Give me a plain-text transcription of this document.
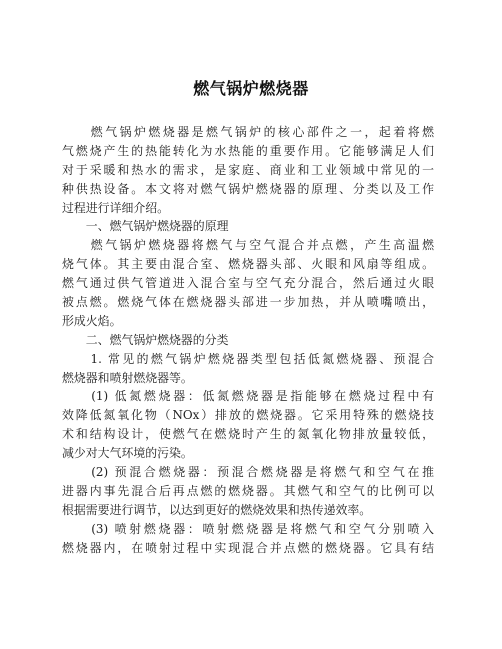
燃气锅炉燃烧器
　　燃气锅炉燃烧器是燃气锅炉的核心部件之一，起着将燃
气燃烧产生的热能转化为水热能的重要作用。它能够满足人们
对于采暖和热水的需求，是家庭、商业和工业领域中常见的一
种供热设备。本文将对燃气锅炉燃烧器的原理、分类以及工作
过程进行详细介绍。
　　一、燃气锅炉燃烧器的原理
　　燃气锅炉燃烧器将燃气与空气混合并点燃，产生高温燃
烧气体。其主要由混合室、燃烧器头部、火眼和风扇等组成。
燃气通过供气管道进入混合室与空气充分混合，然后通过火眼
被点燃。燃烧气体在燃烧器头部进一步加热，并从喷嘴喷出，
形成火焰。
　　二、燃气锅炉燃烧器的分类
　　1. 常见的燃气锅炉燃烧器类型包括低氮燃烧器、预混合
燃烧器和喷射燃烧器等。
　　(1) 低氮燃烧器：低氮燃烧器是指能够在燃烧过程中有
效降低氮氧化物（NOx）排放的燃烧器。它采用特殊的燃烧技
术和结构设计，使燃气在燃烧时产生的氮氧化物排放量较低，
减少对大气环境的污染。
　　(2) 预混合燃烧器：预混合燃烧器是将燃气和空气在推
进器内事先混合后再点燃的燃烧器。其燃气和空气的比例可以
根据需要进行调节，以达到更好的燃烧效果和热传递效率。
　　(3) 喷射燃烧器：喷射燃烧器是将燃气和空气分别喷入
燃烧器内，在喷射过程中实现混合并点燃的燃烧器。它具有结
